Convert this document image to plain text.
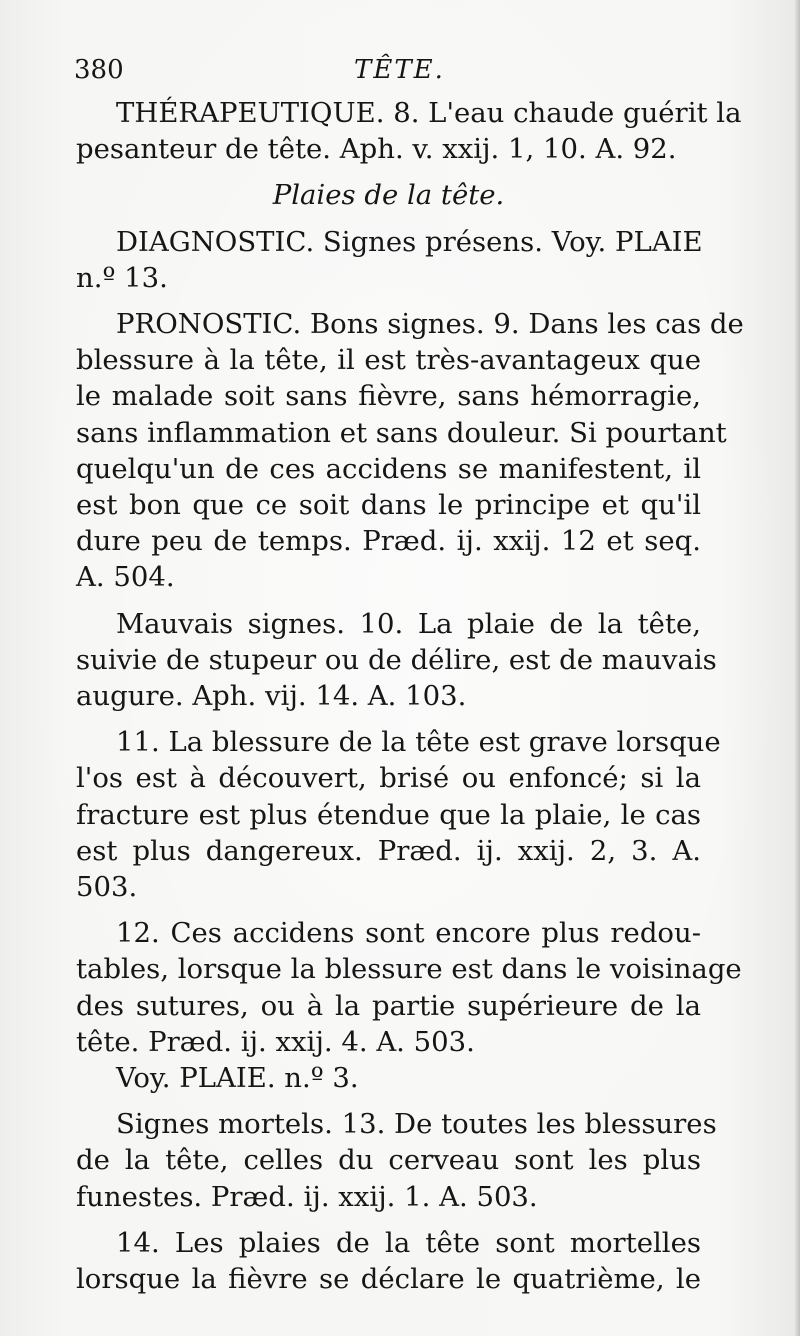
380	TÊTE.
THÉRAPEUTIQUE. 8. L'eau chaude guérit la
pesanteur de tête. Aph. v. xxij. 1, 10. A. 92.
Plaies de la tête.
DIAGNOSTIC. Signes présens. Voy. PLAIE
n.º 13.
PRONOSTIC. Bons signes. 9. Dans les cas de
blessure à la tête, il est très-avantageux que
le malade soit sans fièvre, sans hémorragie,
sans inflammation et sans douleur. Si pourtant
quelqu'un de ces accidens se manifestent, il
est bon que ce soit dans le principe et qu'il
dure peu de temps. Præd. ij. xxij. 12 et seq.
A. 504.
Mauvais signes. 10. La plaie de la tête,
suivie de stupeur ou de délire, est de mauvais
augure. Aph. vij. 14. A. 103.
11. La blessure de la tête est grave lorsque
l'os est à découvert, brisé ou enfoncé; si la
fracture est plus étendue que la plaie, le cas
est plus dangereux. Præd. ij. xxij. 2, 3. A.
503.
12. Ces accidens sont encore plus redou-
tables, lorsque la blessure est dans le voisinage
des sutures, ou à la partie supérieure de la
tête. Præd. ij. xxij. 4. A. 503.
Voy. PLAIE. n.º 3.
Signes mortels. 13. De toutes les blessures
de la tête, celles du cerveau sont les plus
funestes. Præd. ij. xxij. 1. A. 503.
14. Les plaies de la tête sont mortelles
lorsque la fièvre se déclare le quatrième, le
